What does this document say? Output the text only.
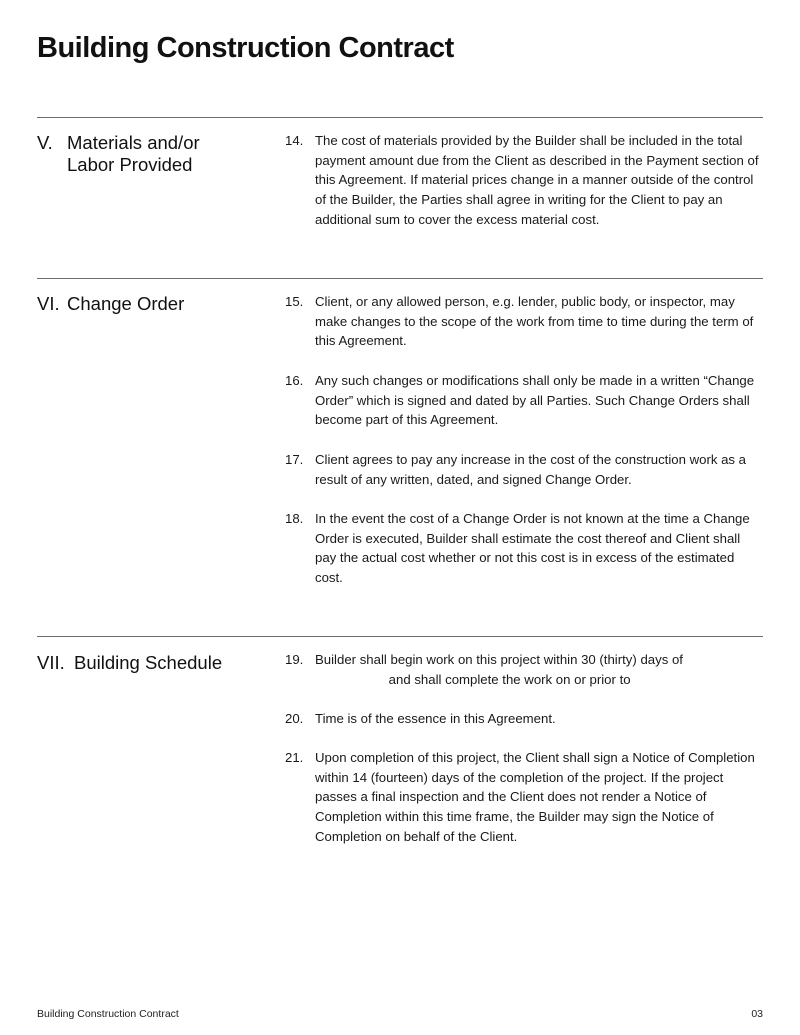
Building Construction Contract
V. Materials and/or Labor Provided
14. The cost of materials provided by the Builder shall be included in the total payment amount due from the Client as described in the Payment section of this Agreement. If material prices change in a manner outside of the control of the Builder, the Parties shall agree in writing for the Client to pay an additional sum to cover the excess material cost.
VI. Change Order	15. Client, or any allowed person, e.g. lender, public body, or inspector, may make changes to the scope of the work from time to time during the term of this Agreement.
16. Any such changes or modifications shall only be made in a written “Change Order” which is signed and dated by all Parties. Such Change Orders shall become part of this Agreement.
17. Client agrees to pay any increase in the cost of the construction work as a result of any written, dated, and signed Change Order.
18. In the event the cost of a Change Order is not known at the time a Change Order is executed, Builder shall estimate the cost thereof and Client shall pay the actual cost whether or not this cost is in excess of the estimated cost.
VII. Building Schedule	19. Builder shall begin work on this project within 30 (thirty) days of
and shall complete the work on or prior to
20. Time is of the essence in this Agreement.
21. Upon completion of this project, the Client shall sign a Notice of Completion within 14 (fourteen) days of the completion of the project. If the project passes a final inspection and the Client does not render a Notice of Completion within this time frame, the Builder may sign the Notice of Completion on behalf of the Client.
Building Construction Contract	03
